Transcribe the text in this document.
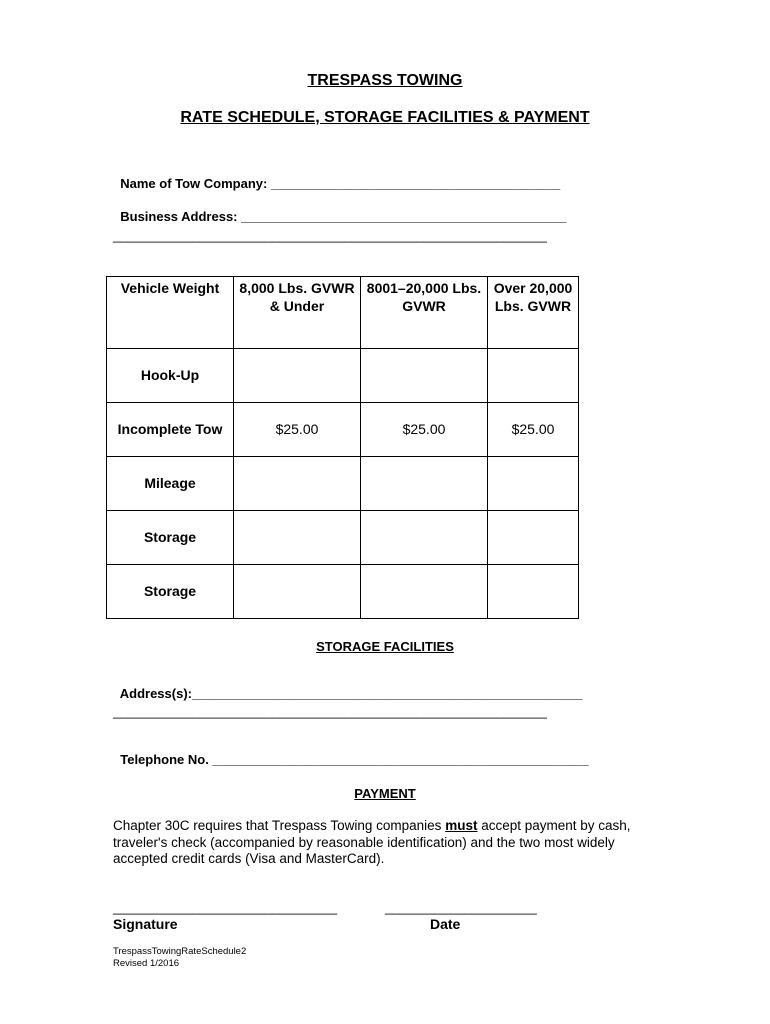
TRESPASS TOWING
RATE SCHEDULE, STORAGE FACILITIES & PAYMENT

Name of Tow Company: ________________________________________

Business Address: _____________________________________________

____________________________________________________________
Vehicle Weight	8,000 Lbs. GVWR & Under	8001–20,000 Lbs. GVWR	Over 20,000 Lbs. GVWR
Hook-Up			
Incomplete Tow	$25.00	$25.00	$25.00
Mileage			
Storage			
Storage			
STORAGE FACILITIES

Address(s):______________________________________________________

____________________________________________________________

Telephone No. ____________________________________________________

PAYMENT
Chapter 30C requires that Trespass Towing companies must accept payment by cash, traveler's check (accompanied by reasonable identification) and the two most widely accepted credit cards (Visa and MasterCard).
_______________________________	_____________________
Signature	Date
TrespassTowingRateSchedule2
Revised 1/2016
